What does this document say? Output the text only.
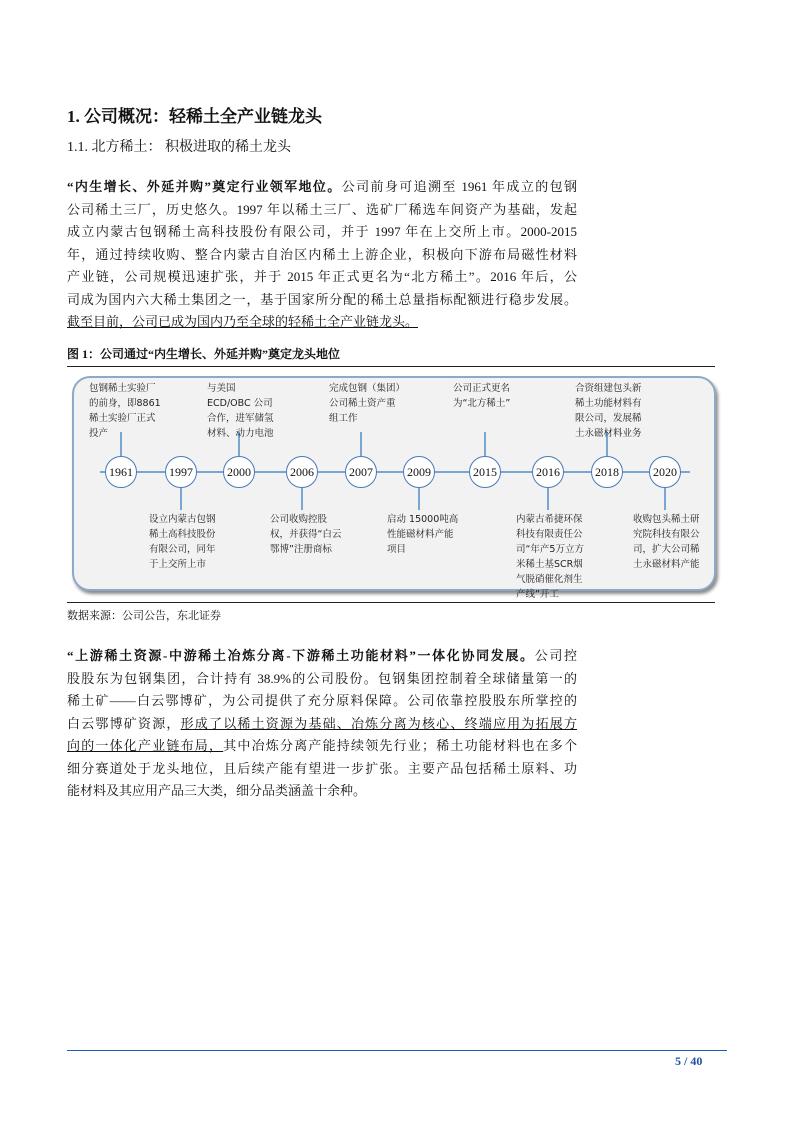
1. 公司概况：轻稀土全产业链龙头
1.1. 北方稀土： 积极进取的稀土龙头
“内生增长、外延并购”奠定行业领军地位。公司前身可追溯至 1961 年成立的包钢
公司稀土三厂，历史悠久。1997 年以稀土三厂、选矿厂稀选车间资产为基础，发起
成立内蒙古包钢稀土高科技股份有限公司，并于 1997 年在上交所上市。2000-2015
年，通过持续收购、整合内蒙古自治区内稀土上游企业，积极向下游布局磁性材料
产业链，公司规模迅速扩张，并于 2015 年正式更名为“北方稀土”。2016 年后，公
司成为国内六大稀土集团之一，基于国家所分配的稀土总量指标配额进行稳步发展。
截至目前，公司已成为国内乃至全球的轻稀土全产业链龙头。
图 1：公司通过“内生增长、外延并购”奠定龙头地位
1961
包钢稀土实验厂的前身，即8861稀土实验厂正式投产
1997
设立内蒙古包钢稀土高科技股份有限公司，同年于上交所上市
2000
与美国 ECD/OBC 公司合作，进军储氢材料、动力电池
2006
公司收购控股权，并获得“白云鄂博”注册商标
2007
完成包钢（集团）公司稀土资产重组工作
2009
启动 15000吨高性能磁材料产能项目
2015
公司正式更名为“北方稀土”
2016
内蒙古希捷环保科技有限责任公司“年产5万立方米稀土基SCR烟气脱硝催化剂生产线”开工
2018
合资组建包头新稀土功能材料有限公司，发展稀土永磁材料业务
2020
收购包头稀土研究院科技有限公司，扩大公司稀土永磁材料产能
数据来源：公司公告，东北证券
“上游稀土资源-中游稀土冶炼分离-下游稀土功能材料”一体化协同发展。公司控
股股东为包钢集团，合计持有 38.9%的公司股份。包钢集团控制着全球储量第一的
稀土矿——白云鄂博矿，为公司提供了充分原料保障。公司依靠控股股东所掌控的
白云鄂博矿资源，形成了以稀土资源为基础、冶炼分离为核心、终端应用为拓展方
向的一体化产业链布局，其中冶炼分离产能持续领先行业；稀土功能材料也在多个
细分赛道处于龙头地位，且后续产能有望进一步扩张。主要产品包括稀土原料、功
能材料及其应用产品三大类，细分品类涵盖十余种。
5 / 40
